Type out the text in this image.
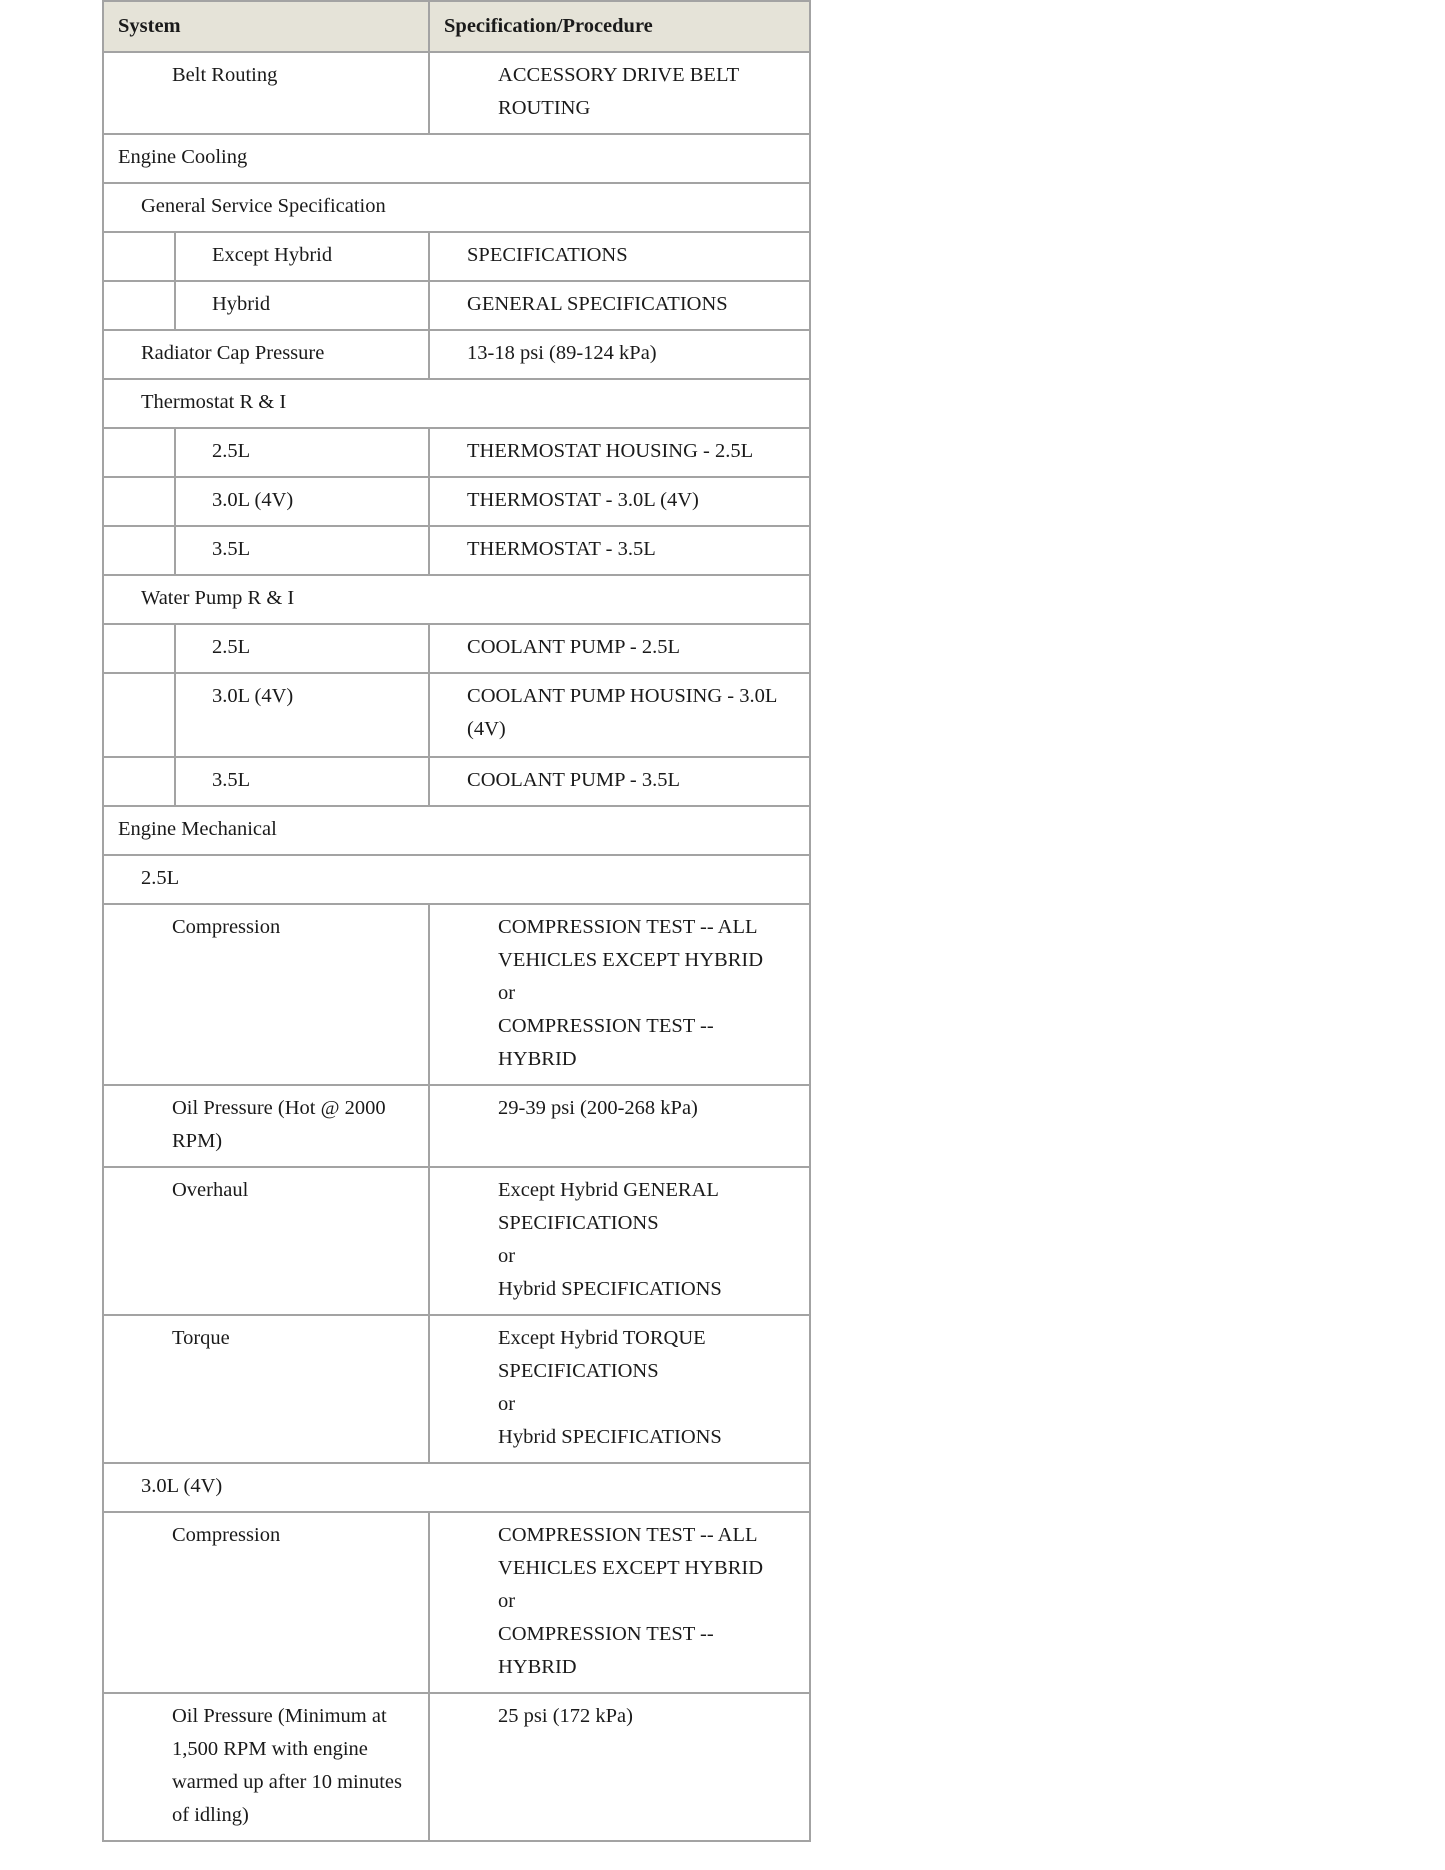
System		Specification/Procedure
Belt Routing		ACCESSORY DRIVE BELT ROUTING
Engine Cooling		
General Service Specification		
	Except Hybrid	SPECIFICATIONS
	Hybrid	GENERAL SPECIFICATIONS
Radiator Cap Pressure		13-18 psi (89-124 kPa)
Thermostat R & I		
	2.5L	THERMOSTAT HOUSING - 2.5L
	3.0L (4V)	THERMOSTAT - 3.0L (4V)
	3.5L	THERMOSTAT - 3.5L
Water Pump R & I		
	2.5L	COOLANT PUMP - 2.5L
	3.0L (4V)	COOLANT PUMP HOUSING - 3.0L (4V)
	3.5L	COOLANT PUMP - 3.5L
Engine Mechanical		
2.5L		
Compression		COMPRESSION TEST -- ALL VEHICLES EXCEPT HYBRID
or
COMPRESSION TEST -- HYBRID

Oil Pressure (Hot @ 2000 RPM)		29-39 psi (200-268 kPa)
Overhaul		Except Hybrid GENERAL SPECIFICATIONS
or
Hybrid SPECIFICATIONS

Torque		Except Hybrid TORQUE SPECIFICATIONS
or
Hybrid SPECIFICATIONS

3.0L (4V)		
Compression		COMPRESSION TEST -- ALL VEHICLES EXCEPT HYBRID
or
COMPRESSION TEST -- HYBRID

Oil Pressure (Minimum at 1,500 RPM with engine warmed up after 10 minutes of idling)		25 psi (172 kPa)
